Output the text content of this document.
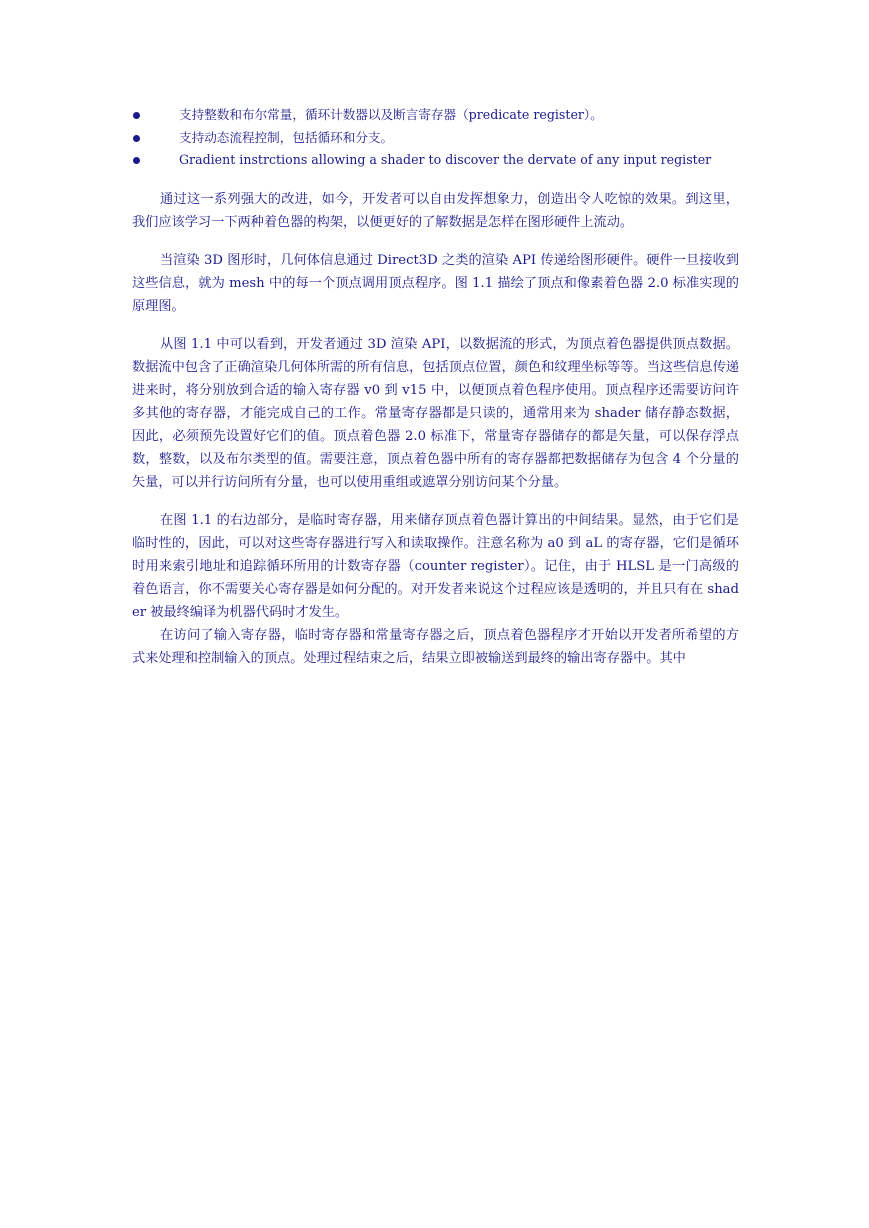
支持整数和布尔常量，循环计数器以及断言寄存器（predicate register）。
支持动态流程控制，包括循环和分支。
Gradient instrctions allowing a shader to discover the dervate of any input register

通过这一系列强大的改进，如今，开发者可以自由发挥想象力，创造出令人吃惊的效果。到这里，我们应该学习一下两种着色器的构架，以便更好的了解数据是怎样在图形硬件上流动。

当渲染 3D 图形时，几何体信息通过 Direct3D 之类的渲染 API 传递给图形硬件。硬件一旦接收到这些信息，就为 mesh 中的每一个顶点调用顶点程序。图 1.1 描绘了顶点和像素着色器 2.0 标准实现的原理图。

从图 1.1 中可以看到，开发者通过 3D 渲染 API，以数据流的形式，为顶点着色器提供顶点数据。数据流中包含了正确渲染几何体所需的所有信息，包括顶点位置，颜色和纹理坐标等等。当这些信息传递进来时，将分别放到合适的输入寄存器 v0 到 v15 中，以便顶点着色程序使用。顶点程序还需要访问许多其他的寄存器，才能完成自己的工作。常量寄存器都是只读的，通常用来为 shader 储存静态数据，因此，必须预先设置好它们的值。顶点着色器 2.0 标准下，常量寄存器储存的都是矢量，可以保存浮点数，整数，以及布尔类型的值。需要注意，顶点着色器中所有的寄存器都把数据储存为包含 4 个分量的矢量，可以并行访问所有分量，也可以使用重组或遮罩分别访问某个分量。

在图 1.1 的右边部分，是临时寄存器，用来储存顶点着色器计算出的中间结果。显然，由于它们是临时性的，因此，可以对这些寄存器进行写入和读取操作。注意名称为 a0 到 aL 的寄存器，它们是循环时用来索引地址和追踪循环所用的计数寄存器（counter register）。记住，由于 HLSL 是一门高级的着色语言，你不需要关心寄存器是如何分配的。对开发者来说这个过程应该是透明的，并且只有在 shader 被最终编译为机器代码时才发生。

在访问了输入寄存器，临时寄存器和常量寄存器之后，顶点着色器程序才开始以开发者所希望的方式来处理和控制输入的顶点。处理过程结束之后，结果立即被输送到最终的输出寄存器中。其中
